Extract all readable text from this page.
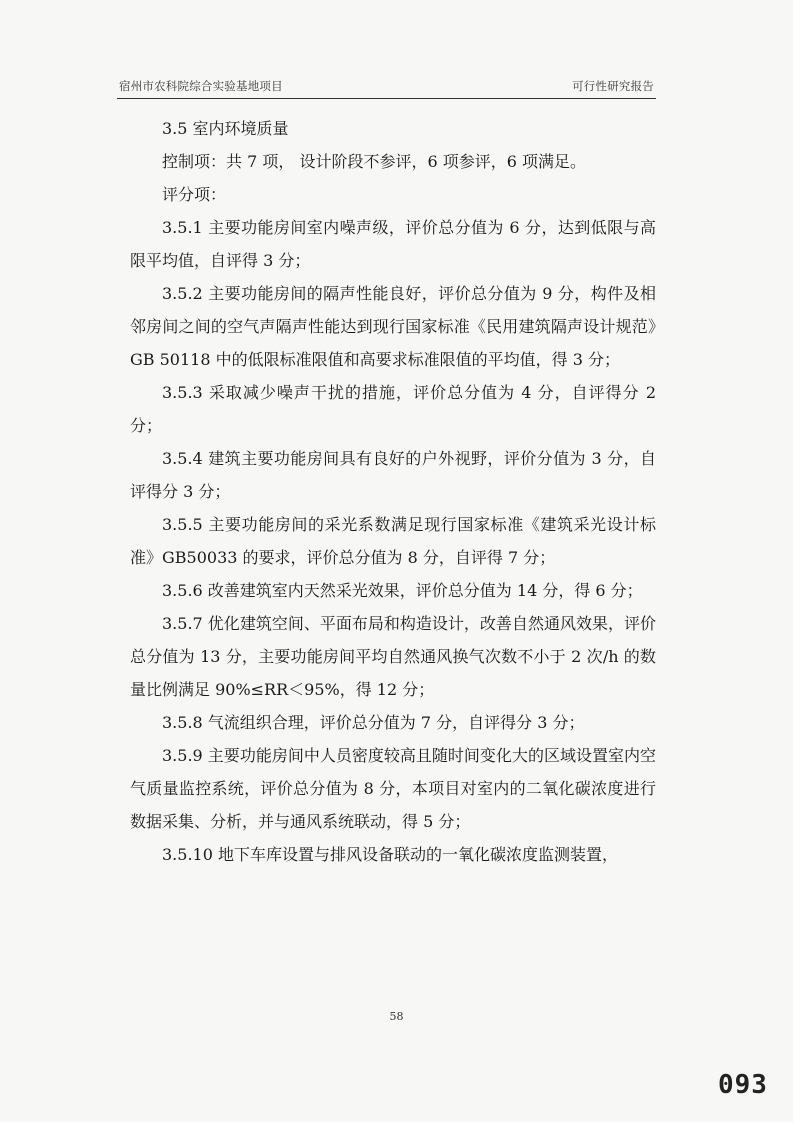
宿州市农科院综合实验基地项目	可行性研究报告

3.5 室内环境质量

控制项：共 7 项， 设计阶段不参评，6 项参评，6 项满足。

评分项：

3.5.1 主要功能房间室内噪声级，评价总分值为 6 分，达到低限与高限平均值，自评得 3 分；

3.5.2 主要功能房间的隔声性能良好，评价总分值为 9 分，构件及相邻房间之间的空气声隔声性能达到现行国家标准《民用建筑隔声设计规范》GB 50118 中的低限标准限值和高要求标准限值的平均值，得 3 分；

3.5.3 采取减少噪声干扰的措施，评价总分值为 4 分，自评得分 2 分；

3.5.4 建筑主要功能房间具有良好的户外视野，评价分值为 3 分，自评得分 3 分；

3.5.5 主要功能房间的采光系数满足现行国家标准《建筑采光设计标准》GB50033 的要求，评价总分值为 8 分，自评得 7 分；

3.5.6 改善建筑室内天然采光效果，评价总分值为 14 分，得 6 分；

3.5.7 优化建筑空间、平面布局和构造设计，改善自然通风效果，评价总分值为 13 分，主要功能房间平均自然通风换气次数不小于 2 次/h 的数量比例满足 90%≤RR＜95%，得 12 分；

3.5.8 气流组织合理，评价总分值为 7 分，自评得分 3 分；

3.5.9 主要功能房间中人员密度较高且随时间变化大的区域设置室内空气质量监控系统，评价总分值为 8 分，本项目对室内的二氧化碳浓度进行数据采集、分析，并与通风系统联动，得 5 分；

3.5.10 地下车库设置与排风设备联动的一氧化碳浓度监测装置，

58
093
